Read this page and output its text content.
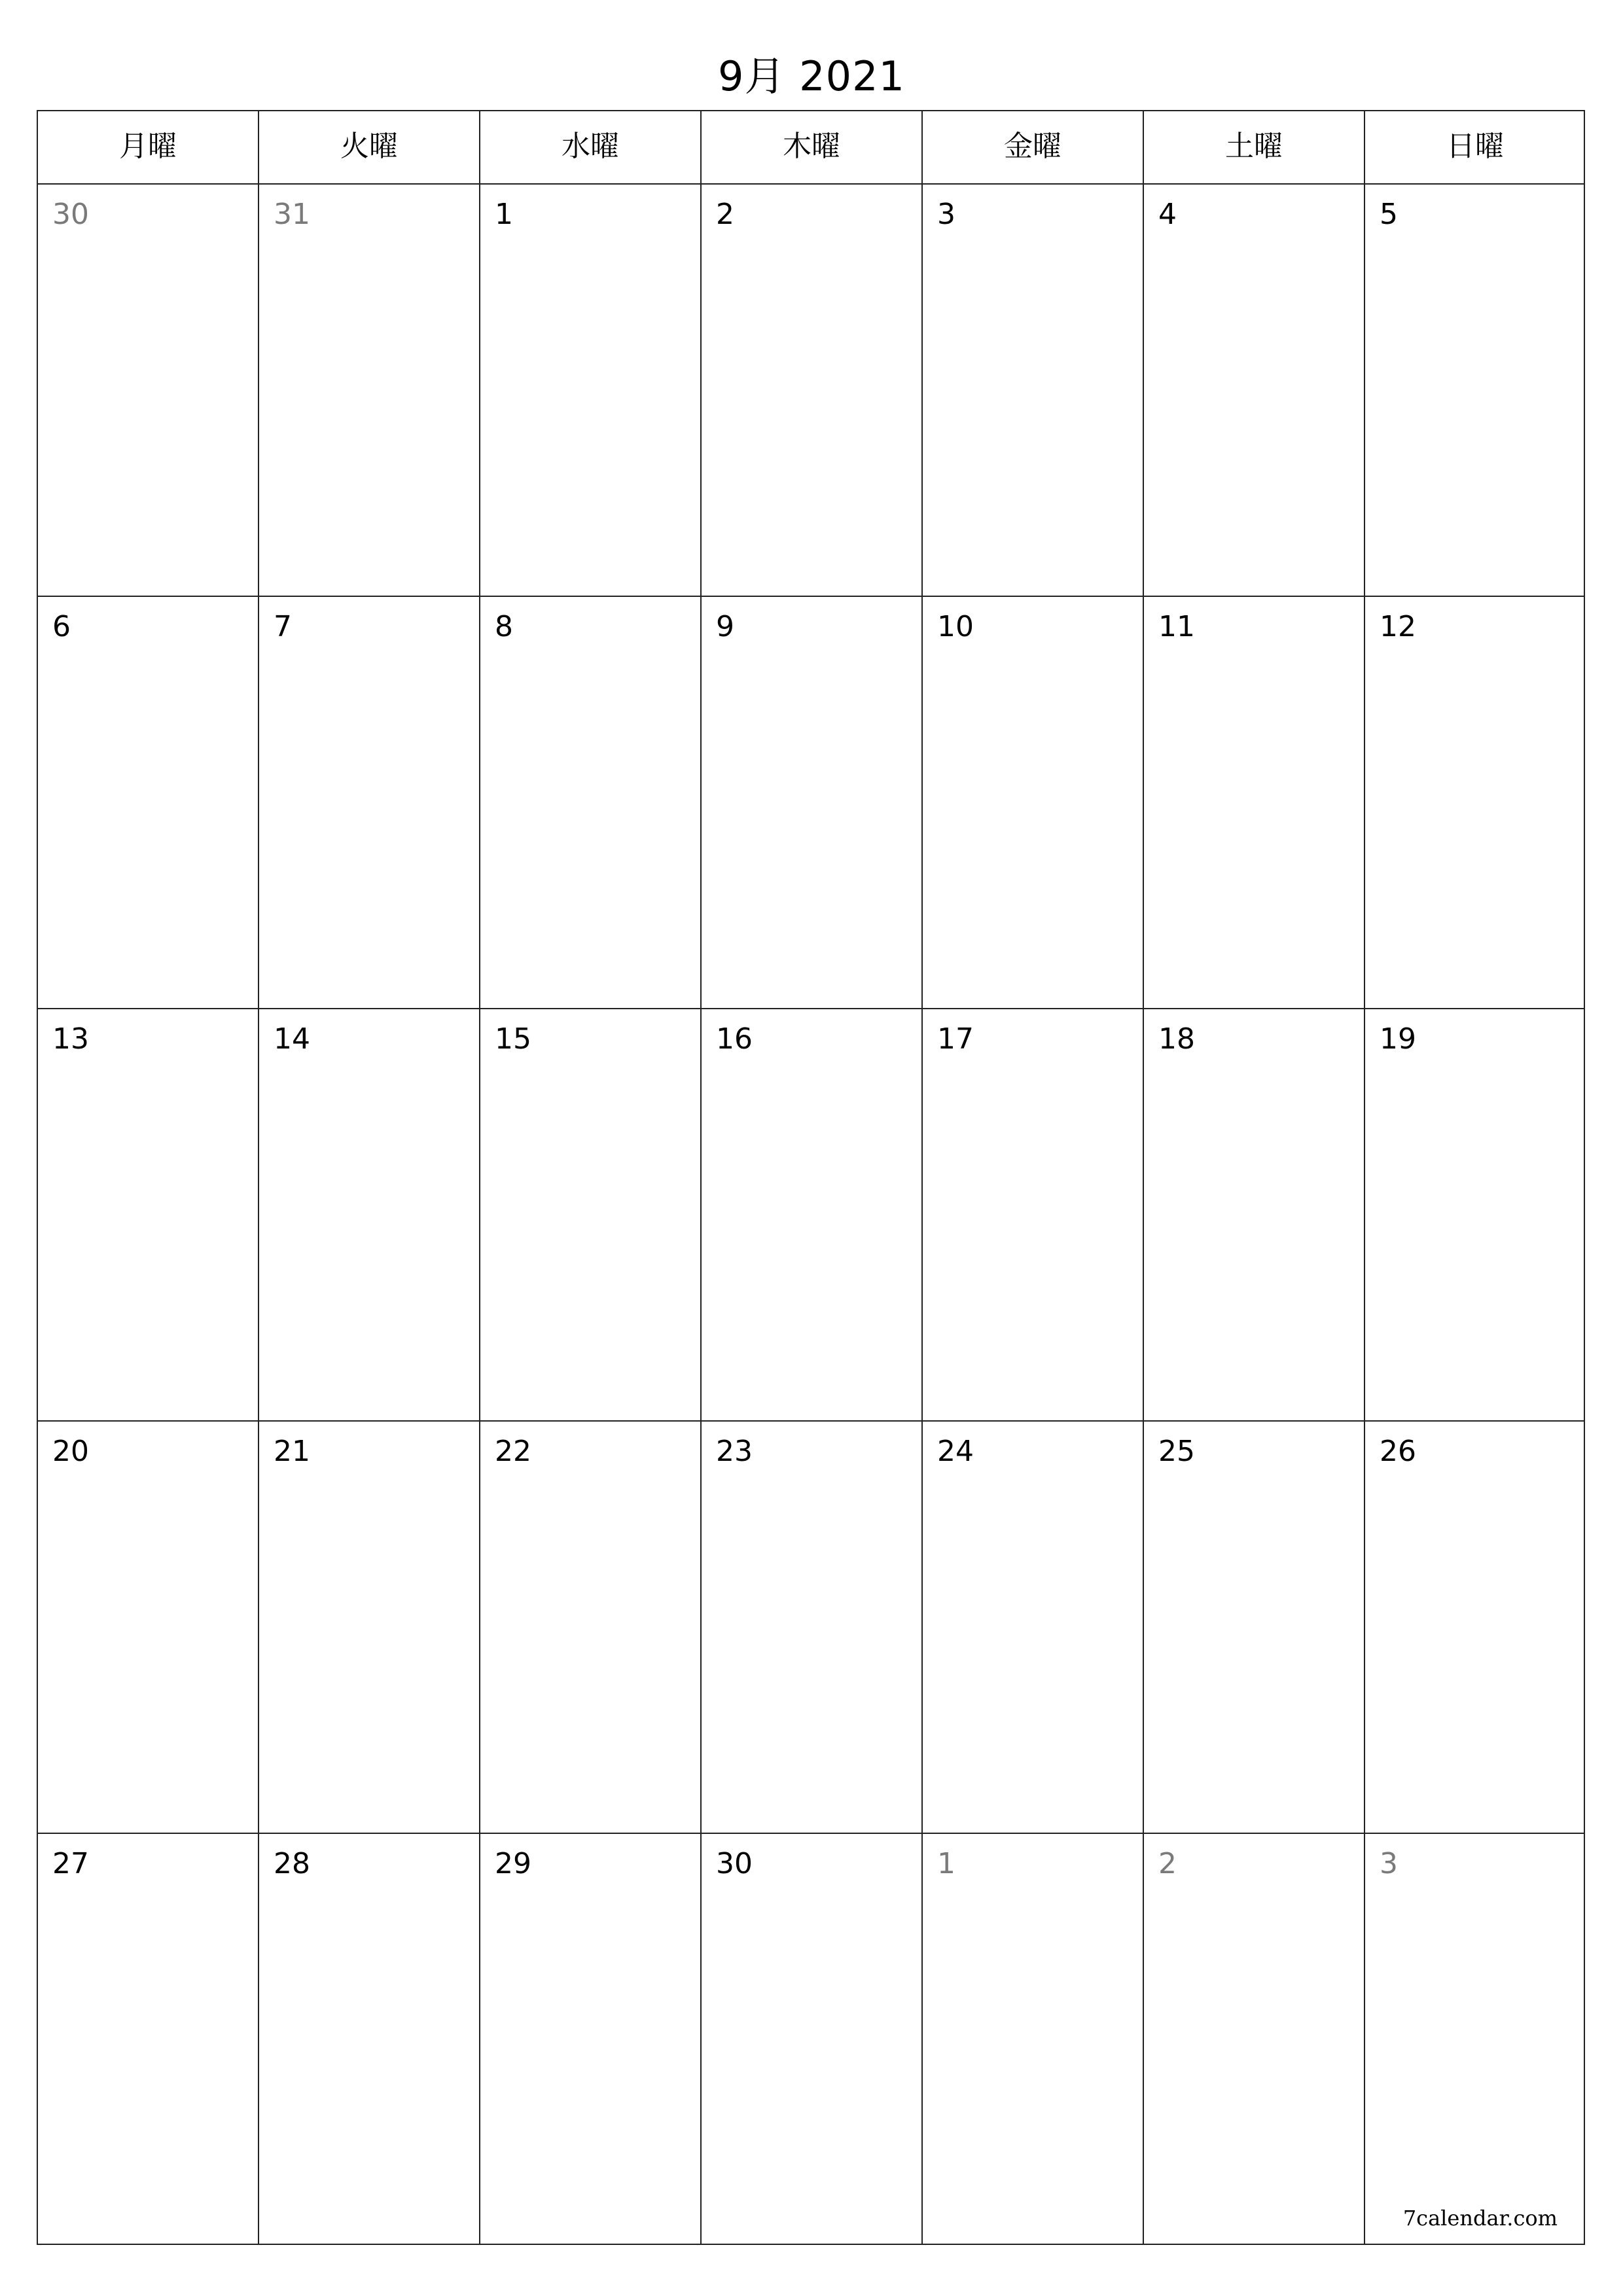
9月 2021
月曜	火曜	水曜	木曜	金曜	土曜	日曜
30	31	1	2	3	4	5
6	7	8	9	10	11	12
13	14	15	16	17	18	19
20	21	22	23	24	25	26
27	28	29	30	1	2	3
7calendar.com
